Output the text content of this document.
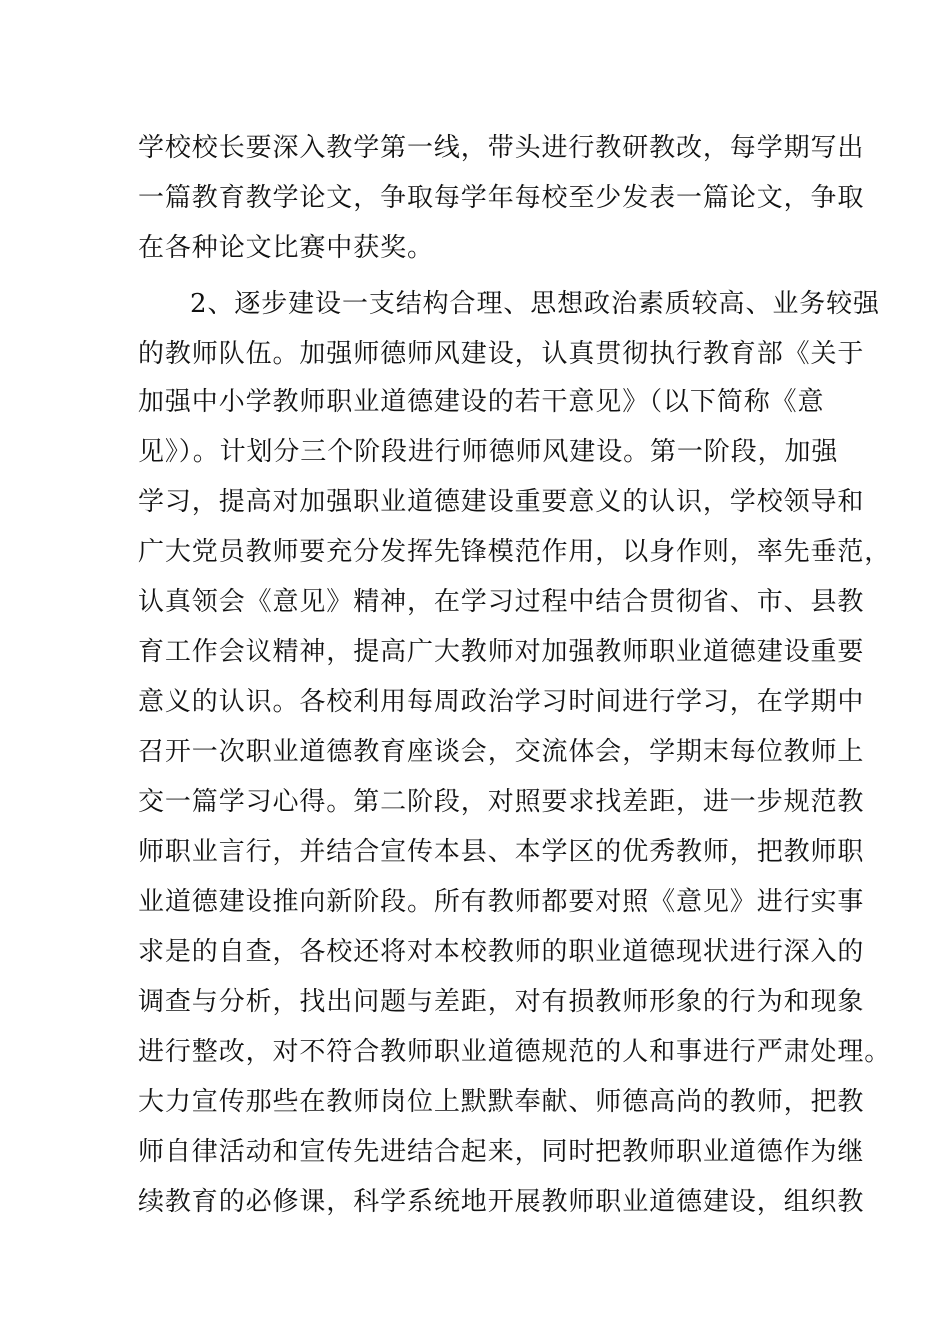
学校校长要深入教学第一线，带头进行教研教改，每学期写出
一篇教育教学论文，争取每学年每校至少发表一篇论文，争取
在各种论文比赛中获奖。
2、逐步建设一支结构合理、思想政治素质较高、业务较强
的教师队伍。加强师德师风建设，认真贯彻执行教育部《关于
加强中小学教师职业道德建设的若干意见》（以下简称《意
见》）。计划分三个阶段进行师德师风建设。第一阶段，加强
学习，提高对加强职业道德建设重要意义的认识，学校领导和
广大党员教师要充分发挥先锋模范作用，以身作则，率先垂范，
认真领会《意见》精神，在学习过程中结合贯彻省、市、县教
育工作会议精神，提高广大教师对加强教师职业道德建设重要
意义的认识。各校利用每周政治学习时间进行学习，在学期中
召开一次职业道德教育座谈会，交流体会，学期末每位教师上
交一篇学习心得。第二阶段，对照要求找差距，进一步规范教
师职业言行，并结合宣传本县、本学区的优秀教师，把教师职
业道德建设推向新阶段。所有教师都要对照《意见》进行实事
求是的自查，各校还将对本校教师的职业道德现状进行深入的
调查与分析，找出问题与差距，对有损教师形象的行为和现象
进行整改，对不符合教师职业道德规范的人和事进行严肃处理。
大力宣传那些在教师岗位上默默奉献、师德高尚的教师，把教
师自律活动和宣传先进结合起来，同时把教师职业道德作为继
续教育的必修课，科学系统地开展教师职业道德建设，组织教
